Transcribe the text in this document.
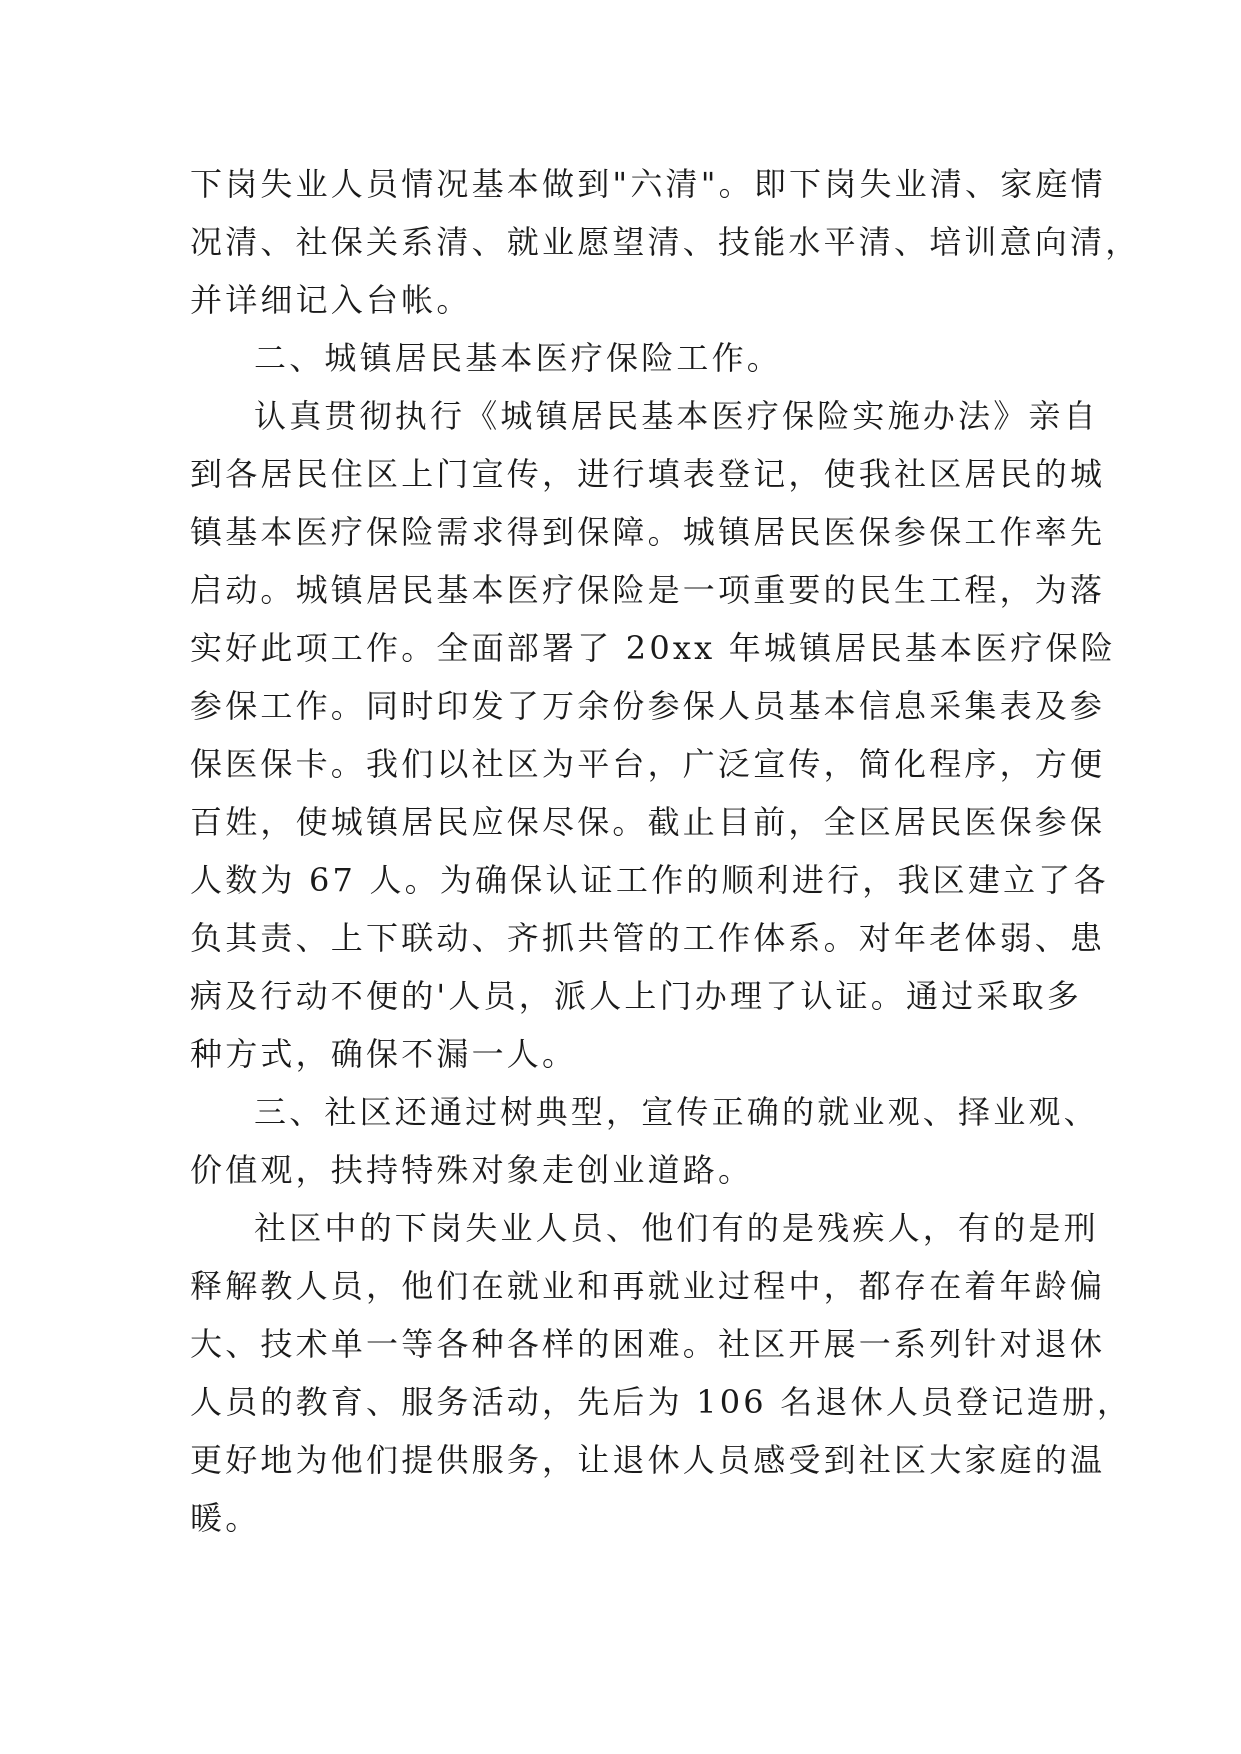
下岗失业人员情况基本做到"六清"。即下岗失业清、家庭情
况清、社保关系清、就业愿望清、技能水平清、培训意向清，
并详细记入台帐。
二、城镇居民基本医疗保险工作。
认真贯彻执行《城镇居民基本医疗保险实施办法》亲自
到各居民住区上门宣传，进行填表登记，使我社区居民的城
镇基本医疗保险需求得到保障。城镇居民医保参保工作率先
启动。城镇居民基本医疗保险是一项重要的民生工程，为落
实好此项工作。全面部署了 20xx 年城镇居民基本医疗保险
参保工作。同时印发了万余份参保人员基本信息采集表及参
保医保卡。我们以社区为平台，广泛宣传，简化程序，方便
百姓，使城镇居民应保尽保。截止目前，全区居民医保参保
人数为 67 人。为确保认证工作的顺利进行，我区建立了各
负其责、上下联动、齐抓共管的工作体系。对年老体弱、患
病及行动不便的'人员，派人上门办理了认证。通过采取多
种方式，确保不漏一人。
三、社区还通过树典型，宣传正确的就业观、择业观、
价值观，扶持特殊对象走创业道路。
社区中的下岗失业人员、他们有的是残疾人，有的是刑
释解教人员，他们在就业和再就业过程中，都存在着年龄偏
大、技术单一等各种各样的困难。社区开展一系列针对退休
人员的教育、服务活动，先后为 106 名退休人员登记造册，
更好地为他们提供服务，让退休人员感受到社区大家庭的温
暖。
